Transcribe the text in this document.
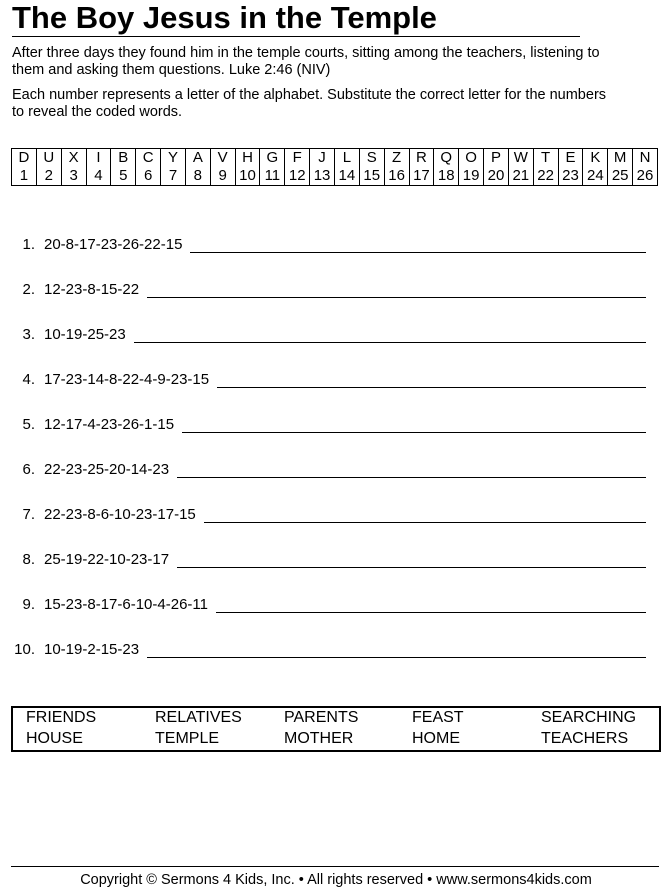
The Boy Jesus in the Temple
After three days they found him in the temple courts, sitting among the teachers, listening to them and asking them questions. Luke 2:46 (NIV)
Each number represents a letter of the alphabet. Substitute the correct letter for the numbers to reveal the coded words.
D	U	X	I	B	C	Y	A	V	H	G	F	J	L	S	Z	R	Q	O	P	W	T	E	K	M	N
1	2	3	4	5	6	7	8	9	10	11	12	13	14	15	16	17	18	19	20	21	22	23	24	25	26
1. 20-8-17-23-26-22-15
2. 12-23-8-15-22
3. 10-19-25-23
4. 17-23-14-8-22-4-9-23-15
5. 12-17-4-23-26-1-15
6. 22-23-25-20-14-23
7. 22-23-8-6-10-23-17-15
8. 25-19-22-10-23-17
9. 15-23-8-17-6-10-4-26-11
10. 10-19-2-15-23
FRIENDS	RELATIVES	PARENTS	FEAST	SEARCHING
HOUSE	TEMPLE	MOTHER	HOME	TEACHERS
Copyright © Sermons 4 Kids, Inc. • All rights reserved • www.sermons4kids.com
